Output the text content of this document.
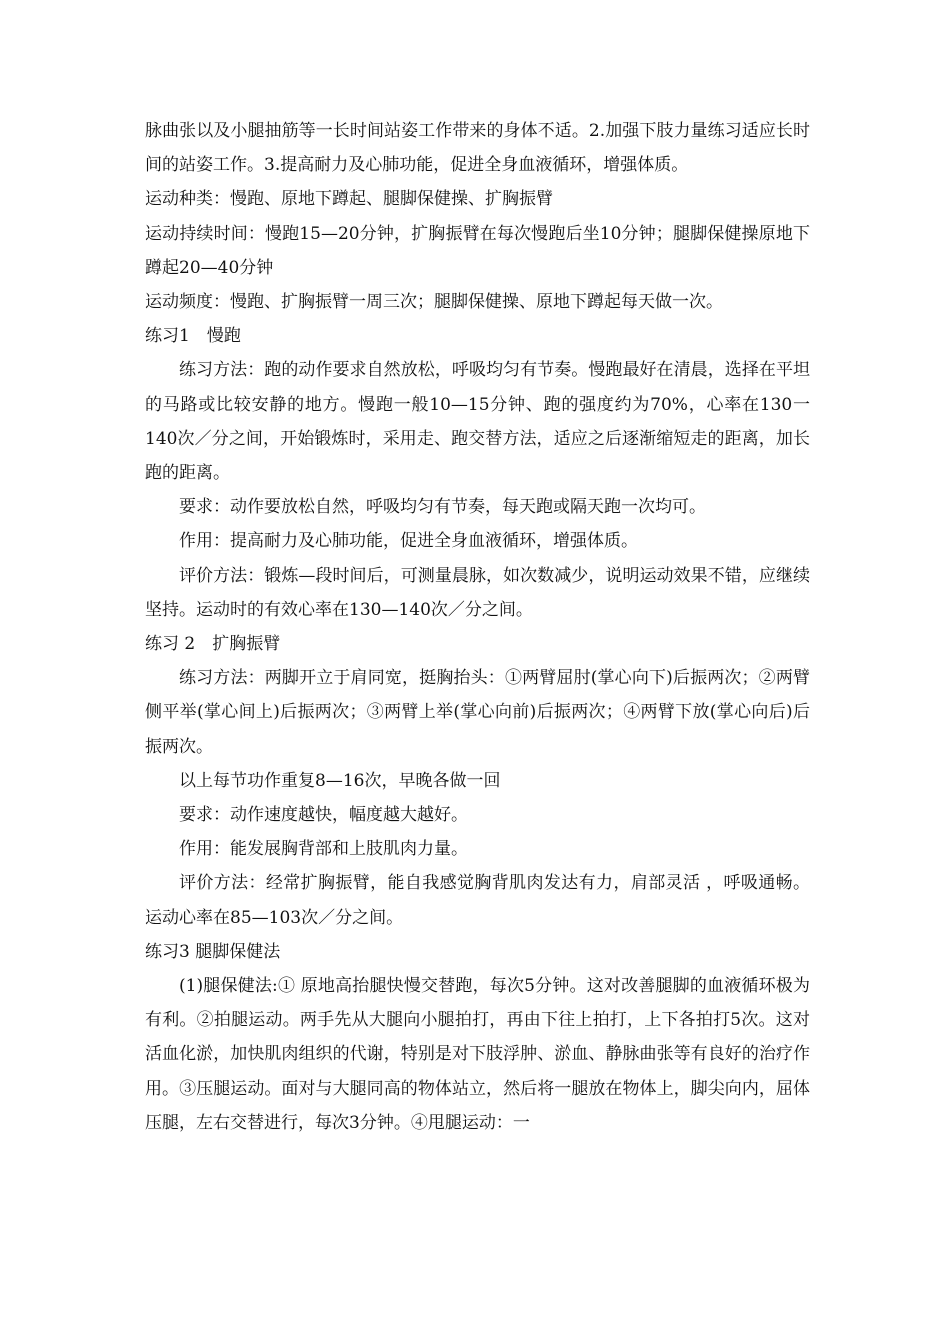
脉曲张以及小腿抽筋等一长时间站姿工作带来的身体不适。2.加强下肢力量练习适应长时间的站姿工作。3.提高耐力及心肺功能，促进全身血液循环，增强体质。

运动种类：慢跑、原地下蹲起、腿脚保健操、扩胸振臂

运动持续时间：慢跑15—20分钟，扩胸振臂在每次慢跑后坐10分钟；腿脚保健操原地下蹲起20—40分钟

运动频度：慢跑、扩胸振臂一周三次；腿脚保健操、原地下蹲起每天做一次。

练习1　慢跑

练习方法：跑的动作要求自然放松，呼吸均匀有节奏。慢跑最好在清晨，选择在平坦的马路或比较安静的地方。慢跑一般10—15分钟、跑的强度约为70%，心率在130一140次／分之间，开始锻炼时，采用走、跑交替方法，适应之后逐渐缩短走的距离，加长跑的距离。

要求：动作要放松自然，呼吸均匀有节奏，每天跑或隔天跑一次均可。

作用：提高耐力及心肺功能，促进全身血液循环，增强体质。

评价方法：锻炼—段时间后，可测量晨脉，如次数减少，说明运动效果不错，应继续坚持。运动时的有效心率在130—140次／分之间。

练习 2　扩胸振臂

练习方法：两脚开立于肩同宽，挺胸抬头：①两臂屈肘(掌心向下)后振两次；②两臂侧平举(掌心间上)后振两次；③两臂上举(掌心向前)后振两次；④两臂下放(掌心向后)后振两次。

以上每节功作重复8—16次，早晚各做一回

要求：动作速度越快，幅度越大越好。

作用：能发展胸背部和上肢肌肉力量。

评价方法：经常扩胸振臂，能自我感觉胸背肌肉发达有力，肩部灵活 ，呼吸通畅。运动心率在85—103次／分之间。

练习3 腿脚保健法

(1)腿保健法:① 原地高抬腿快慢交替跑，每次5分钟。这对改善腿脚的血液循环极为有利。②拍腿运动。两手先从大腿向小腿拍打，再由下往上拍打，上下各拍打5次。这对活血化淤，加快肌肉组织的代谢，特别是对下肢浮肿、淤血、静脉曲张等有良好的治疗作用。③压腿运动。面对与大腿同高的物体站立，然后将一腿放在物体上，脚尖向内，屈体压腿，左右交替进行，每次3分钟。④甩腿运动：一
